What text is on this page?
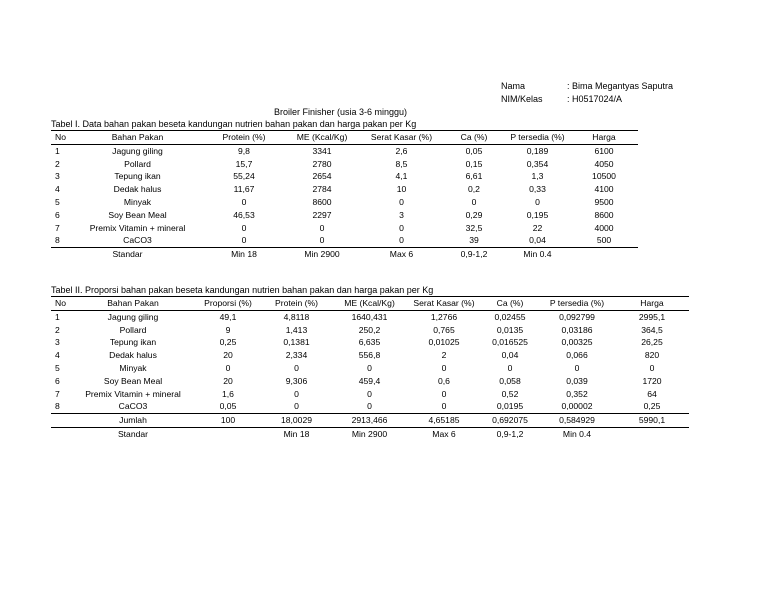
Nama	: Bima Megantyas Saputra
NIM/Kelas	: H0517024/A
Broiler Finisher (usia 3-6 minggu)
Tabel I. Data bahan pakan beseta kandungan nutrien bahan pakan dan harga pakan per Kg
No	Bahan Pakan	Protein (%)	ME (Kcal/Kg)	Serat Kasar (%)	Ca (%)	P tersedia (%)	Harga
1	Jagung giling	9,8	3341	2,6	0,05	0,189	6100
2	Pollard	15,7	2780	8,5	0,15	0,354	4050
3	Tepung ikan	55,24	2654	4,1	6,61	1,3	10500
4	Dedak halus	11,67	2784	10	0,2	0,33	4100
5	Minyak	0	8600	0	0	0	9500
6	Soy Bean Meal	46,53	2297	3	0,29	0,195	8600
7	Premix Vitamin + mineral	0	0	0	32,5	22	4000
8	CaCO3	0	0	0	39	0,04	500
Standar		Min 18	Min 2900	Max 6	0,9-1,2	Min 0.4	
Tabel II. Proporsi bahan pakan beseta kandungan nutrien bahan pakan dan harga pakan per Kg
No	Bahan Pakan	Proporsi (%)	Protein (%)	ME (Kcal/Kg)	Serat Kasar (%)	Ca (%)	P tersedia (%)	Harga
1	Jagung giling	49,1	4,8118	1640,431	1,2766	0,02455	0,092799	2995,1
2	Pollard	9	1,413	250,2	0,765	0,0135	0,03186	364,5
3	Tepung ikan	0,25	0,1381	6,635	0,01025	0,016525	0,00325	26,25
4	Dedak halus	20	2,334	556,8	2	0,04	0,066	820
5	Minyak	0	0	0	0	0	0	0
6	Soy Bean Meal	20	9,306	459,4	0,6	0,058	0,039	1720
7	Premix Vitamin + mineral	1,6	0	0	0	0,52	0,352	64
8	CaCO3	0,05	0	0	0	0,0195	0,00002	0,25
	Jumlah	100	18,0029	2913,466	4,65185	0,692075	0,584929	5990,1
	Standar		Min 18	Min 2900	Max 6	0,9-1,2	Min 0.4	
